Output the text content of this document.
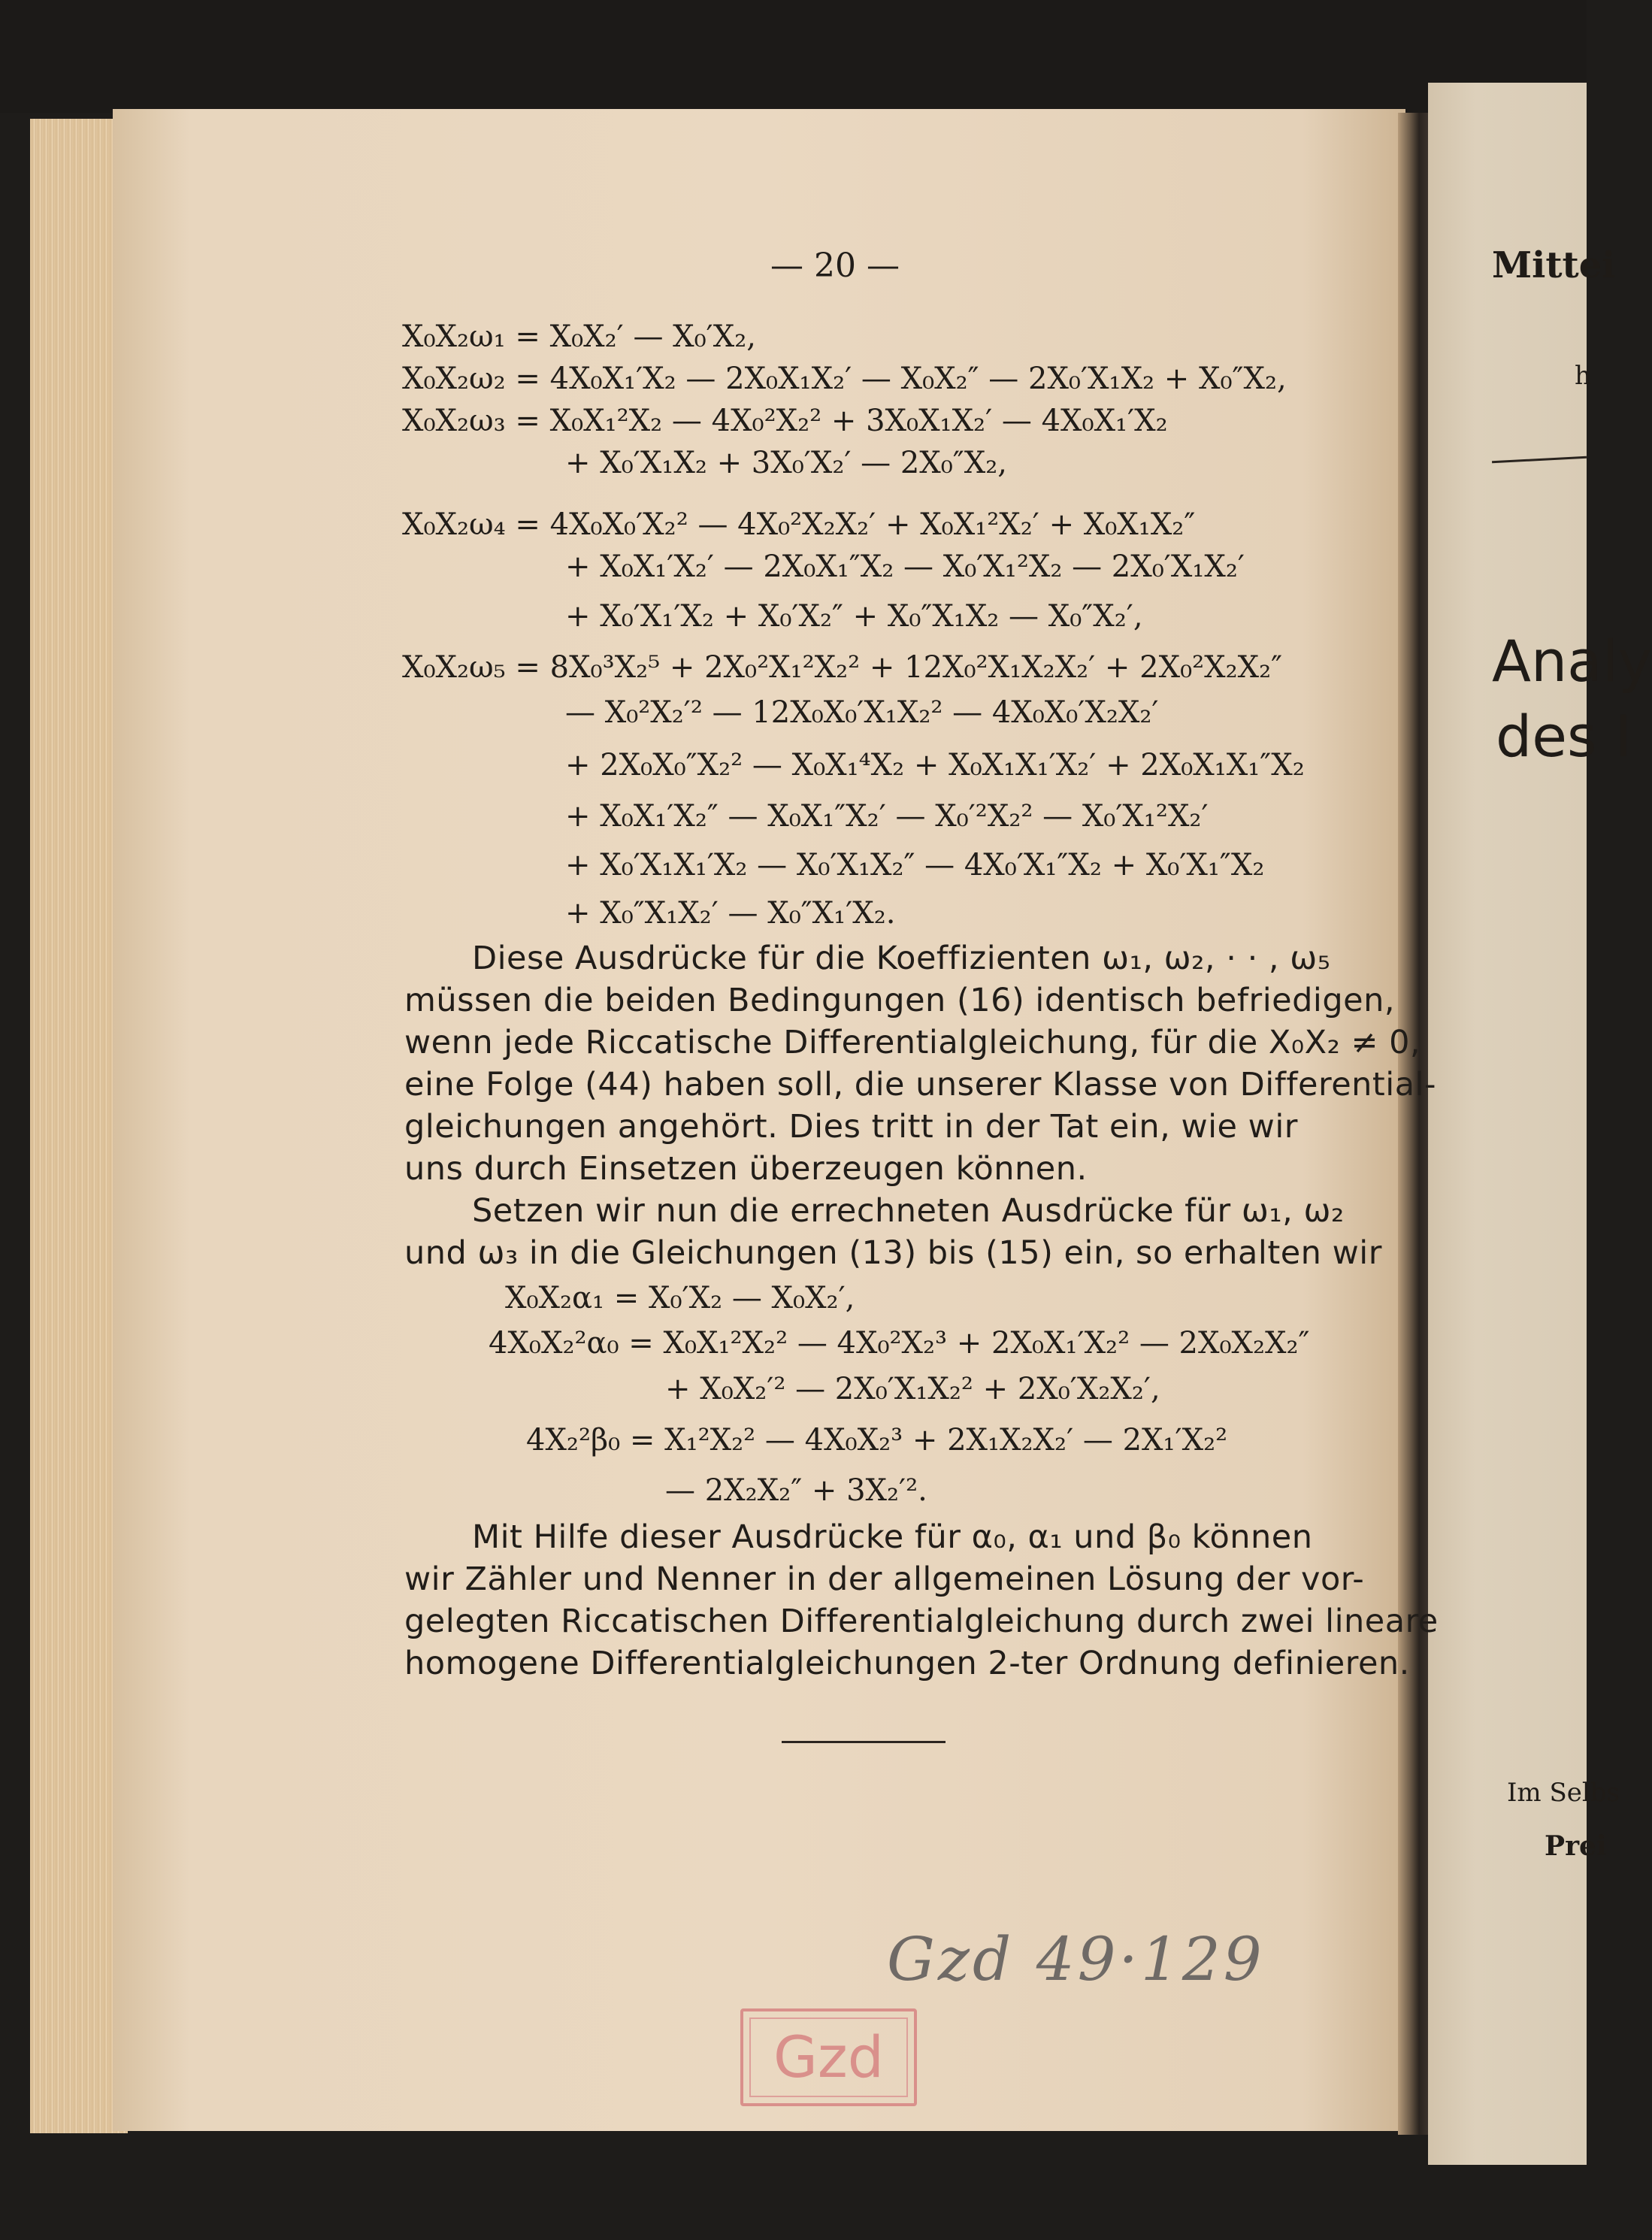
Mittei
h
Analy
des I
Im Selbs
Prei
— 20 —
X₀X₂ω₁ = X₀X₂′ — X₀′X₂,
X₀X₂ω₂ = 4X₀X₁′X₂ — 2X₀X₁X₂′ — X₀X₂″ — 2X₀′X₁X₂ + X₀″X₂,
X₀X₂ω₃ = X₀X₁²X₂ — 4X₀²X₂² + 3X₀X₁X₂′ — 4X₀X₁′X₂
+ X₀′X₁X₂ + 3X₀′X₂′ — 2X₀″X₂,
X₀X₂ω₄ = 4X₀X₀′X₂² — 4X₀²X₂X₂′ + X₀X₁²X₂′ + X₀X₁X₂″
+ X₀X₁′X₂′ — 2X₀X₁″X₂ — X₀′X₁²X₂ — 2X₀′X₁X₂′
+ X₀′X₁′X₂ + X₀′X₂″ + X₀″X₁X₂ — X₀″X₂′,
X₀X₂ω₅ = 8X₀³X₂⁵ + 2X₀²X₁²X₂² + 12X₀²X₁X₂X₂′ + 2X₀²X₂X₂″
— X₀²X₂′² — 12X₀X₀′X₁X₂² — 4X₀X₀′X₂X₂′
+ 2X₀X₀″X₂² — X₀X₁⁴X₂ + X₀X₁X₁′X₂′ + 2X₀X₁X₁″X₂
+ X₀X₁′X₂″ — X₀X₁″X₂′ — X₀′²X₂² — X₀′X₁²X₂′
+ X₀′X₁X₁′X₂ — X₀′X₁X₂″ — 4X₀′X₁″X₂ + X₀′X₁″X₂
+ X₀″X₁X₂′ — X₀″X₁′X₂.
Diese Ausdrücke für die Koeffizienten ω₁, ω₂, · · , ω₅
müssen die beiden Bedingungen (16) identisch befriedigen,
wenn jede Riccatische Differentialgleichung, für die X₀X₂ ≠ 0,
eine Folge (44) haben soll, die unserer Klasse von Differential-
gleichungen angehört. Dies tritt in der Tat ein, wie wir
uns durch Einsetzen überzeugen können.
Setzen wir nun die errechneten Ausdrücke für ω₁, ω₂
und ω₃ in die Gleichungen (13) bis (15) ein, so erhalten wir
X₀X₂α₁ = X₀′X₂ — X₀X₂′,
4X₀X₂²α₀ = X₀X₁²X₂² — 4X₀²X₂³ + 2X₀X₁′X₂² — 2X₀X₂X₂″
+ X₀X₂′² — 2X₀′X₁X₂² + 2X₀′X₂X₂′,
4X₂²β₀ = X₁²X₂² — 4X₀X₂³ + 2X₁X₂X₂′ — 2X₁′X₂²
— 2X₂X₂″ + 3X₂′².
Mit Hilfe dieser Ausdrücke für α₀, α₁ und β₀ können
wir Zähler und Nenner in der allgemeinen Lösung der vor-
gelegten Riccatischen Differentialgleichung durch zwei lineare
homogene Differentialgleichungen 2-ter Ordnung definieren.
Gzd 49·129
Gzd
